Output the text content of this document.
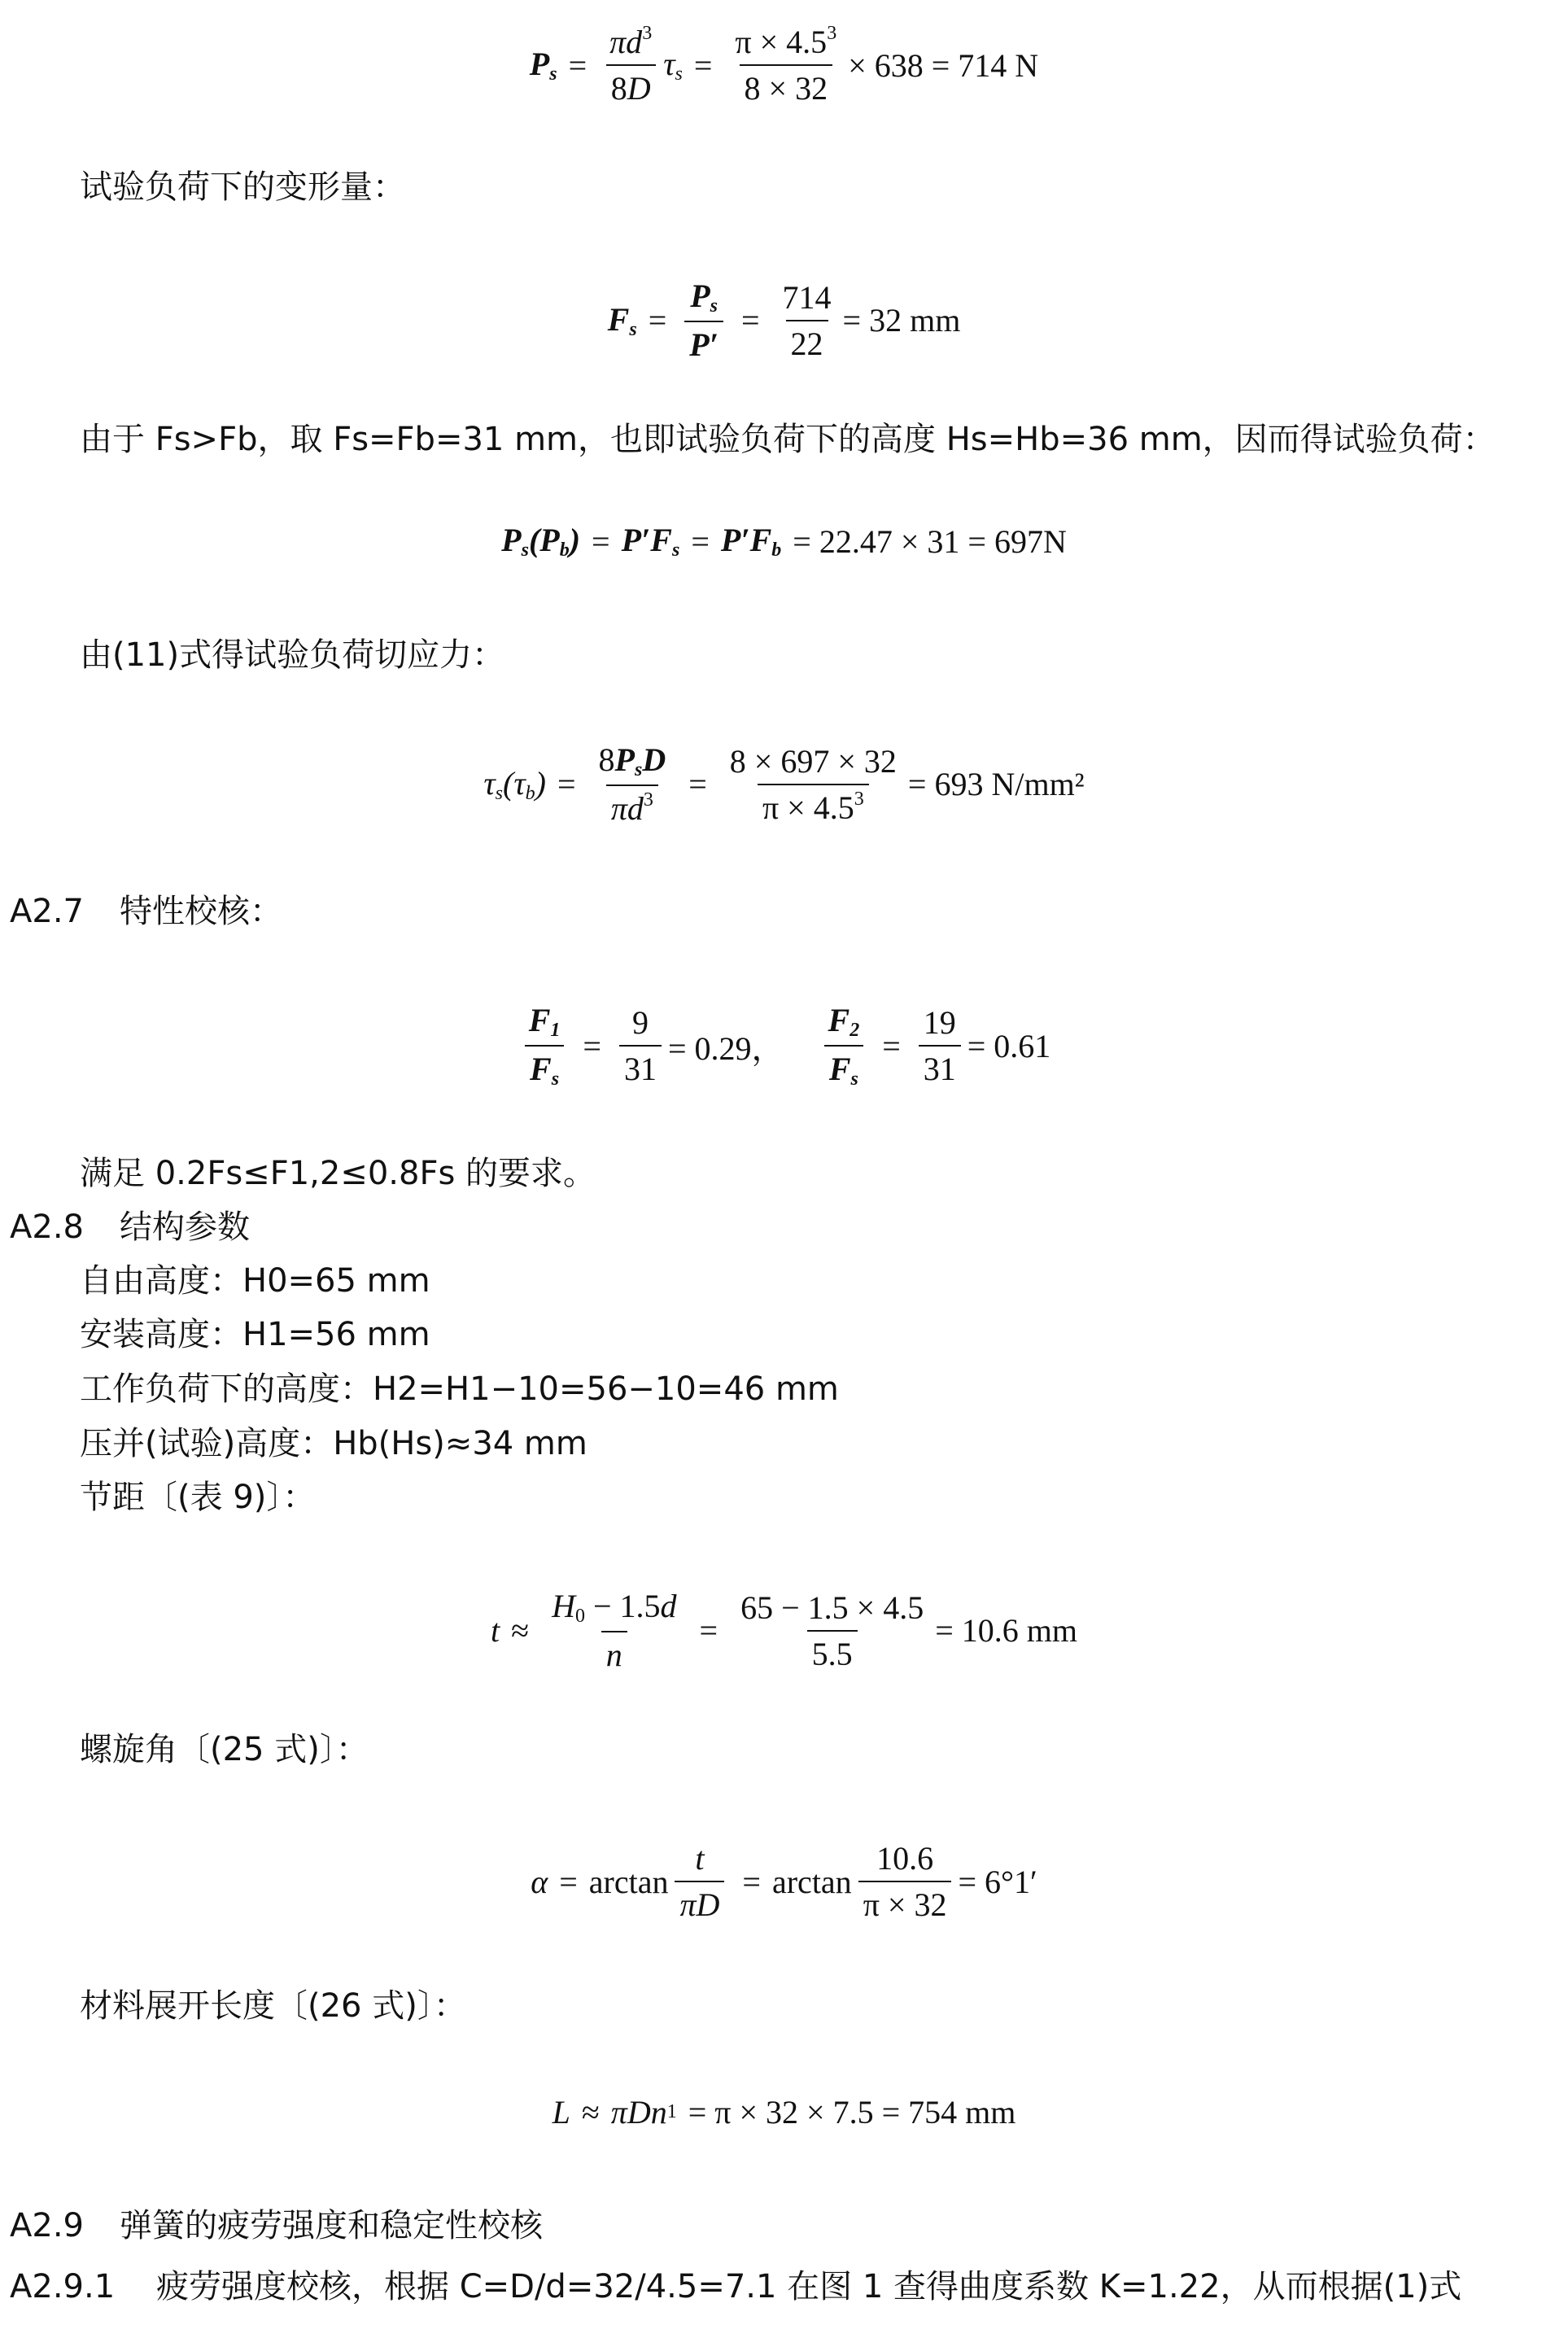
$P_s = \frac{\pi d^3}{8D} \tau_s = \frac{\pi \times 4.5^3}{8 \times 32} \times 638 = 714$ N
试验负荷下的变形量：
$F_s = \frac{P_s}{P'} = \frac{714}{22} = 32$ mm
由于 Fs>Fb，取 Fs=Fb=31 mm，也即试验负荷下的高度 Hs=Hb=36 mm，因而得试验负荷：
$P_s(P_b) = P'F_s = P'F_b = 22.47 \times 31 = 697N$
由(11)式得试验负荷切应力：
$\tau_s(\tau_b) = \frac{8P_sD}{\pi d^3} = \frac{8 \times 697 \times 32}{\pi \times 4.5^3} = 693$ N/mm²
A2.7 特性校核：
$\frac{F_1}{F_s} = \frac{9}{31} = 0.29$， $\frac{F_2}{F_s} = \frac{19}{31} = 0.61$
满足 0.2Fs≤F1,2≤0.8Fs 的要求。
A2.8 结构参数
自由高度：H0=65 mm
安装高度：H1=56 mm
工作负荷下的高度：H2=H1−10=56−10=46 mm
压并(试验)高度：Hb(Hs)≈34 mm
节距〔(表 9)〕：
$t \approx \frac{H_0 - 1.5d}{n} = \frac{65 - 1.5 \times 4.5}{5.5} = 10.6$ mm
螺旋角〔(25 式)〕：
$\alpha = \arctan \frac{t}{\pi D} = \arctan \frac{10.6}{\pi \times 32} = 6^\circ 1'$
材料展开长度〔(26 式)〕：
L ≈ πDn 1 = π × 32 × 7.5 = 754 mm
A2.9 弹簧的疲劳强度和稳定性校核
A2.9.1 疲劳强度校核，根据 C=D/d=32/4.5=7.1 在图 1 查得曲度系数 K=1.22，从而根据(1)式
